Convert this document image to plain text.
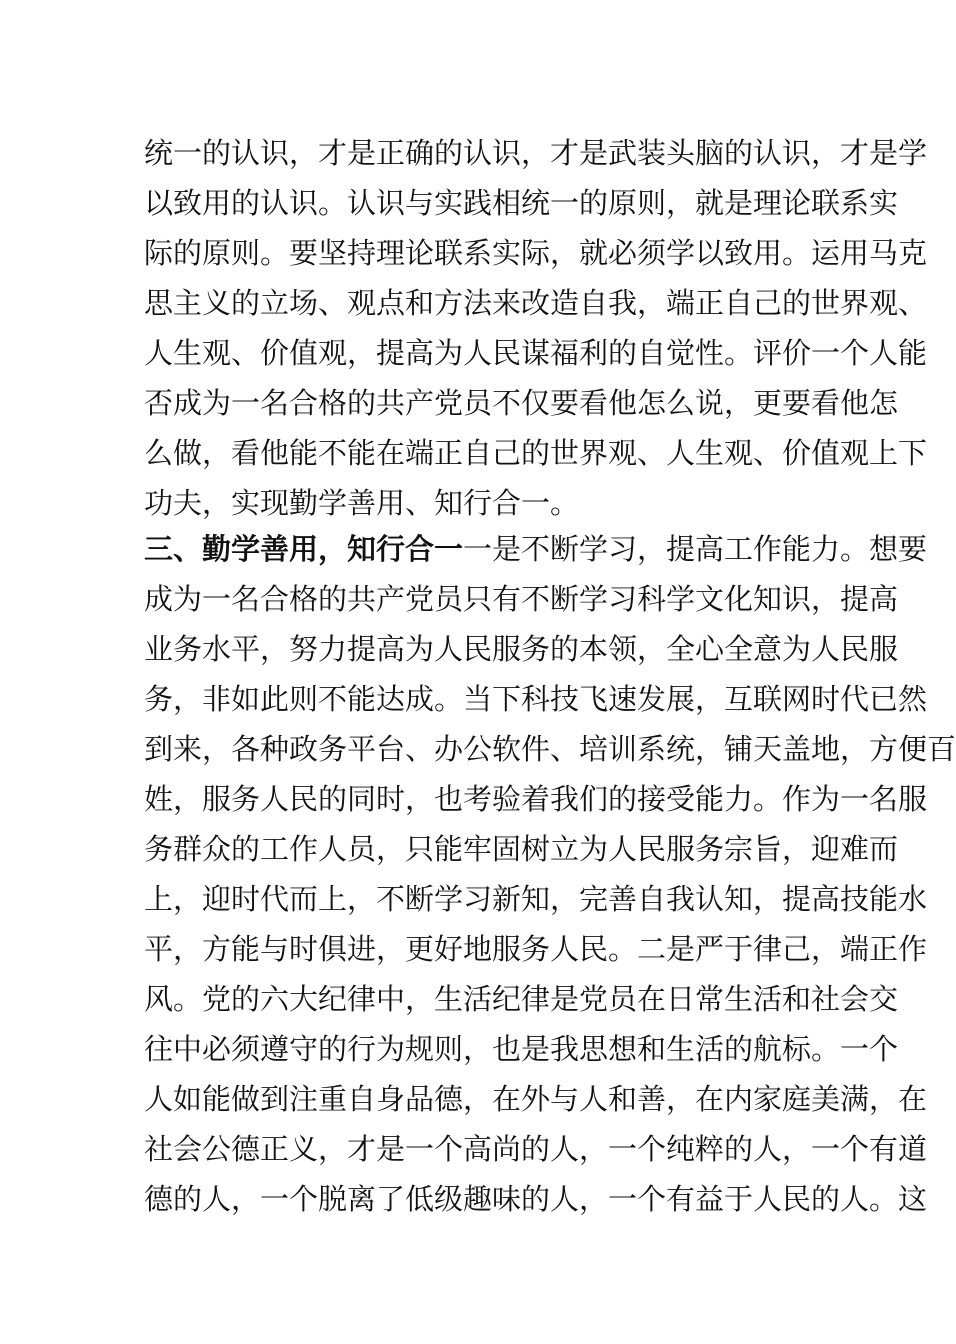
统一的认识，才是正确的认识，才是武装头脑的认识，才是学
以致用的认识。认识与实践相统一的原则，就是理论联系实
际的原则。要坚持理论联系实际，就必须学以致用。运用马克
思主义的立场、观点和方法来改造自我，端正自己的世界观、
人生观、价值观，提高为人民谋福利的自觉性。评价一个人能
否成为一名合格的共产党员不仅要看他怎么说，更要看他怎
么做，看他能不能在端正自己的世界观、人生观、价值观上下
功夫，实现勤学善用、知行合一。
三、勤学善用，知行合一一是不断学习，提高工作能力。想要
成为一名合格的共产党员只有不断学习科学文化知识，提高
业务水平，努力提高为人民服务的本领，全心全意为人民服
务，非如此则不能达成。当下科技飞速发展，互联网时代已然
到来，各种政务平台、办公软件、培训系统，铺天盖地，方便百
姓，服务人民的同时，也考验着我们的接受能力。作为一名服
务群众的工作人员，只能牢固树立为人民服务宗旨，迎难而
上，迎时代而上，不断学习新知，完善自我认知，提高技能水
平，方能与时俱进，更好地服务人民。二是严于律己，端正作
风。党的六大纪律中，生活纪律是党员在日常生活和社会交
往中必须遵守的行为规则，也是我思想和生活的航标。一个
人如能做到注重自身品德，在外与人和善，在内家庭美满，在
社会公德正义，才是一个高尚的人，一个纯粹的人，一个有道
德的人，一个脱离了低级趣味的人，一个有益于人民的人。这
